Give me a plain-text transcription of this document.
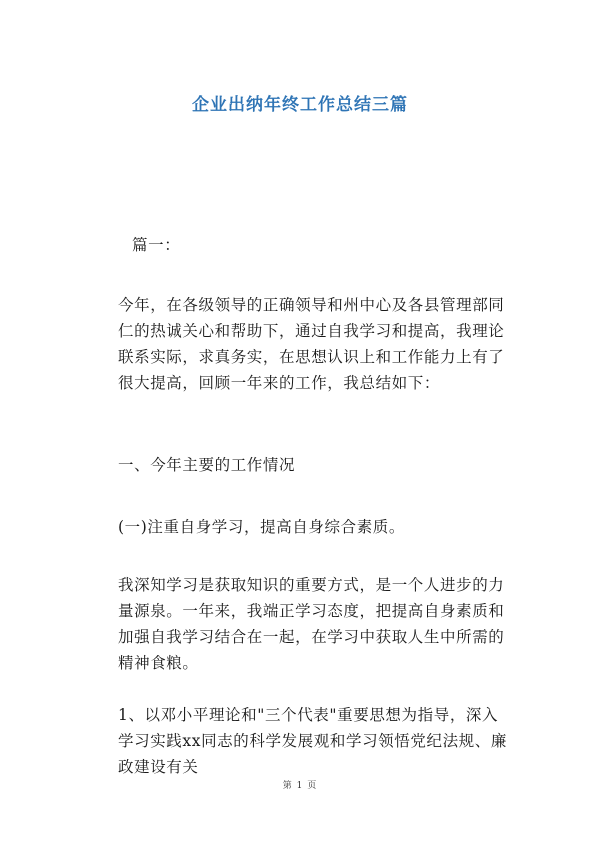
企业出纳年终工作总结三篇

篇一：

今年，在各级领导的正确领导和州中心及各县管理部同仁的热诚关心和帮助下，通过自我学习和提高，我理论联系实际，求真务实，在思想认识上和工作能力上有了很大提高，回顾一年来的工作，我总结如下：

一、今年主要的工作情况

(一)注重自身学习，提高自身综合素质。

我深知学习是获取知识的重要方式，是一个人进步的力量源泉。一年来，我端正学习态度，把提高自身素质和加强自我学习结合在一起，在学习中获取人生中所需的精神食粮。

1、以邓小平理论和"三个代表"重要思想为指导，深入学习实践xx同志的科学发展观和学习领悟党纪法规、廉政建设有关

第 1 页
